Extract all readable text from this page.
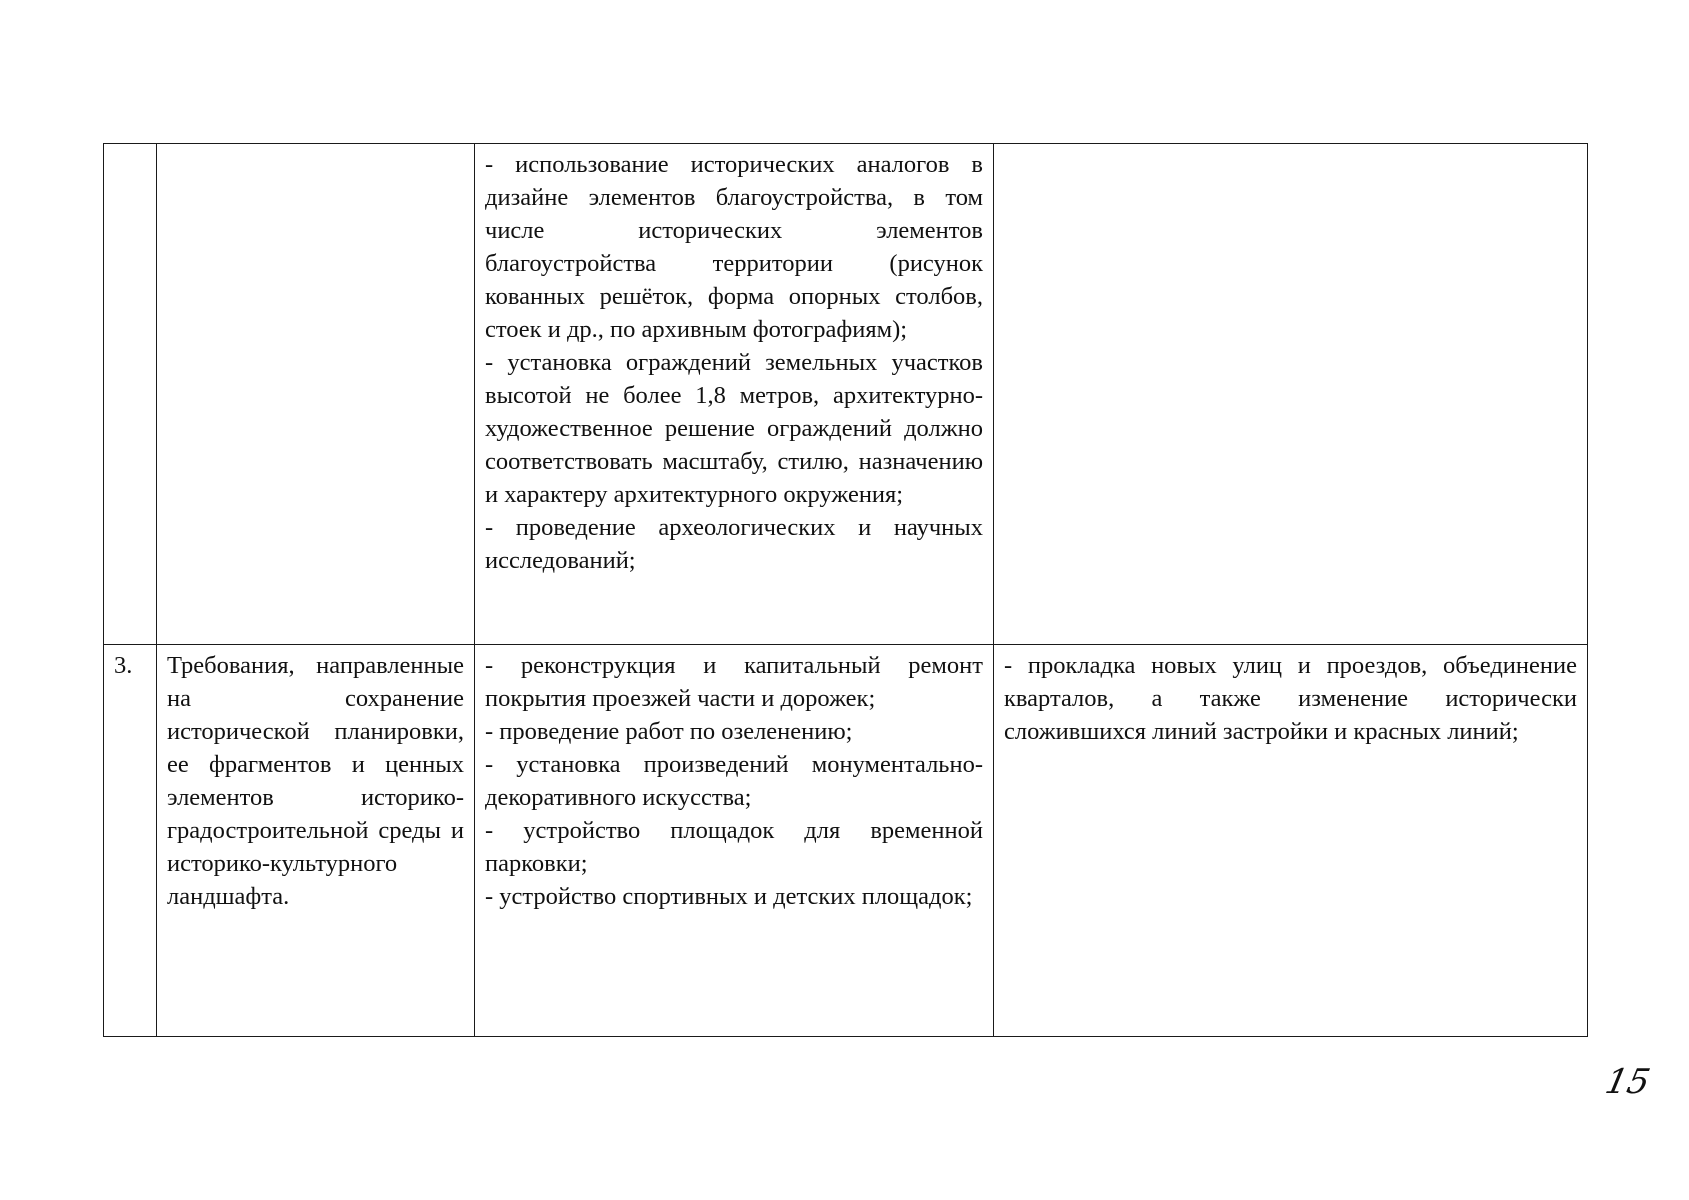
		- использование исторических аналогов в дизайне элементов благоустройства, в том числе исторических элементов благоустройства территории (рисунок кованных решёток, форма опорных столбов, стоек и др., по архивным фотографиям);

- установка ограждений земельных участков высотой не более 1,8 метров, архитектурно-художественное решение ограждений должно соответствовать масштабу, стилю, назначению и характеру архитектурного окружения;

- проведение археологических и научных исследований;	

3.	Требования, направленные на сохранение исторической планировки, ее фрагментов и ценных элементов историко-градостроительной среды и историко-культурного ландшафта.	- реконструкция и капитальный ремонт покрытия проезжей части и дорожек;

- проведение работ по озеленению;

- установка произведений монументально-декоративного искусства;

- устройство площадок для временной парковки;

- устройство спортивных и детских площадок;	- прокладка новых улиц и проездов, объединение кварталов, а также изменение исторически сложившихся линий застройки и красных линий;

15
